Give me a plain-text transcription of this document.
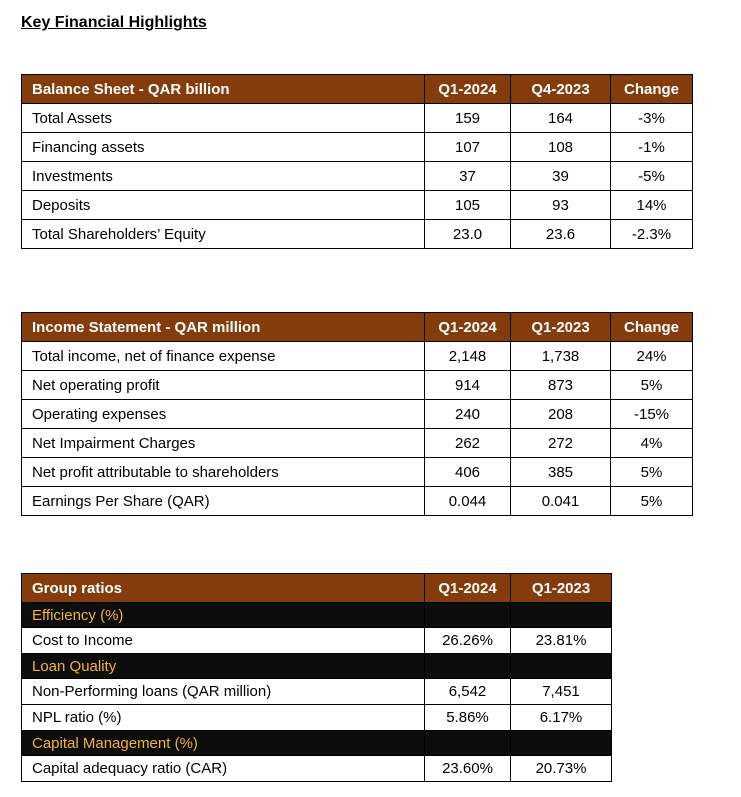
Key Financial Highlights
Balance Sheet - QAR billion	Q1-2024	Q4-2023	Change
Total Assets	159	164	-3%
Financing assets	107	108	-1%
Investments	37	39	-5%
Deposits	105	93	14%
Total Shareholders’ Equity	23.0	23.6	-2.3%
Income Statement - QAR million	Q1-2024	Q1-2023	Change
Total income, net of finance expense	2,148	1,738	24%
Net operating profit	914	873	5%
Operating expenses	240	208	-15%
Net Impairment Charges	262	272	4%
Net profit attributable to shareholders	406	385	5%
Earnings Per Share (QAR)	0.044	0.041	5%
Group ratios	Q1-2024	Q1-2023
Efficiency (%)		
Cost to Income	26.26%	23.81%
Loan Quality		
Non-Performing loans (QAR million)	6,542	7,451
NPL ratio (%)	5.86%	6.17%
Capital Management (%)		
Capital adequacy ratio (CAR)	23.60%	20.73%
